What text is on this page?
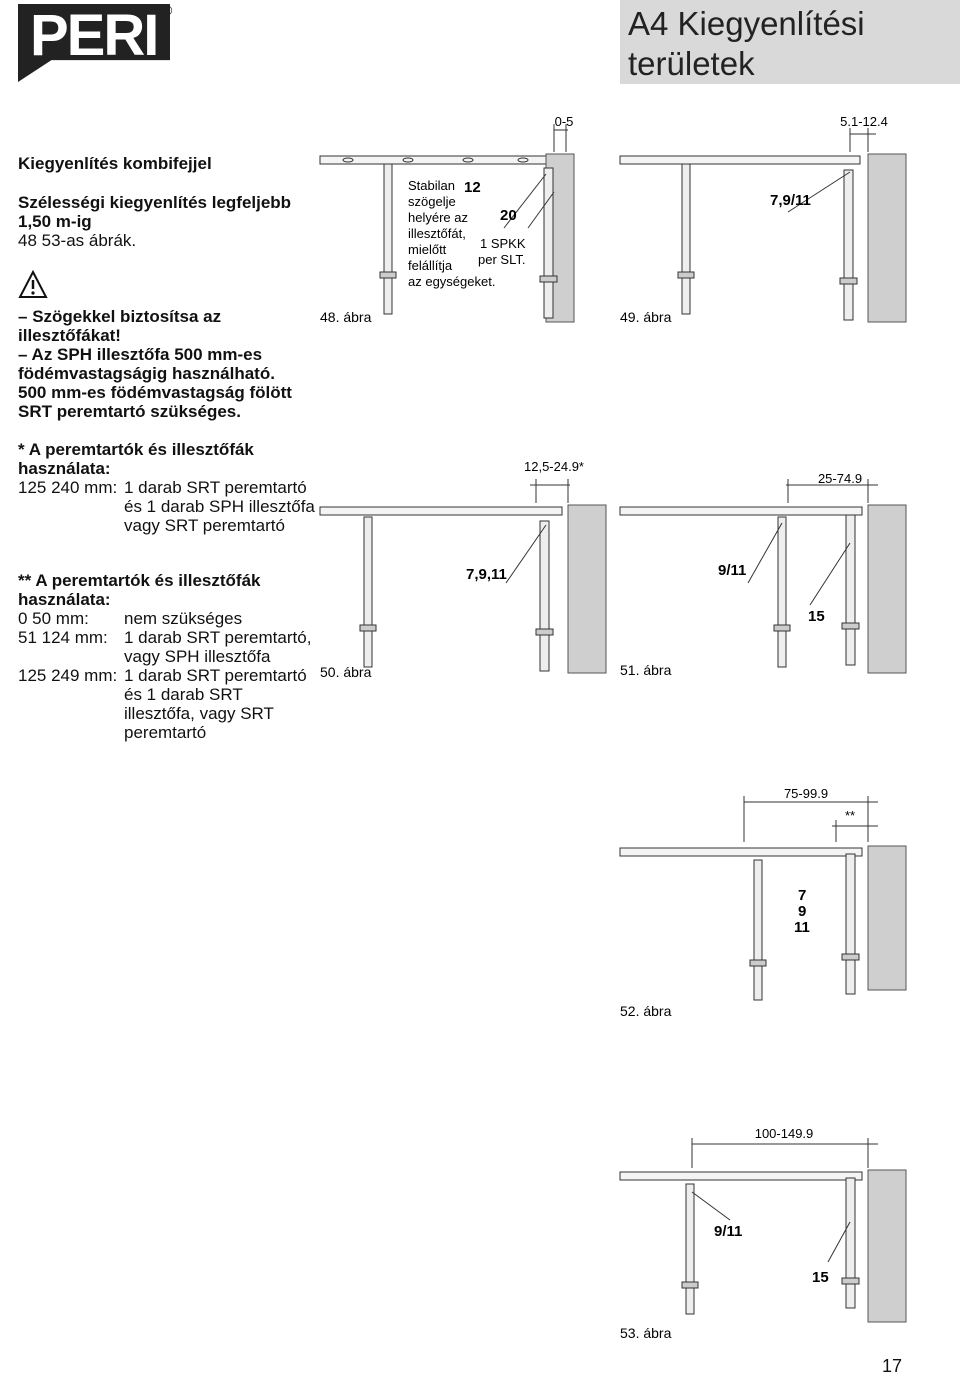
PERI ®	A4 Kiegyenlítési
területek
Kiegyenlítés kombifejjel
Szélességi kiegyenlítés legfeljebb
1,50 m-ig
48 53-as ábrák.
– Szögekkel biztosítsa az illesztőfákat!
– Az SPH illesztőfa 500 mm-es
födémvastagságig használható.
500 mm-es födémvastagság fölött
SRT peremtartó szükséges.
* A peremtartók és illesztőfák
használata:
125 240 mm: 1 darab SRT peremtartó
és 1 darab SPH illesztőfa
vagy SRT peremtartó
** A peremtartók és illesztőfák
használata:
0 50 mm: nem szükséges
51 124 mm: 1 darab SRT peremtartó,
vagy SPH illesztőfa
125 249 mm: 1 darab SRT peremtartó
és 1 darab SRT
illesztőfa, vagy SRT
peremtartó
0-5
Stabilan
szögelje
helyére az
illesztőfát,
mielőtt
felállítja
az egységeket.
12
20
1 SPKK
per SLT.
48. ábra
5.1-12.4
7,9/11
49. ábra
12,5-24.9*
7,9,11
50. ábra
25-74.9
9/11
15
51. ábra
75-99.9
**
7
9
11
52. ábra
100-149.9
9/11
15
53. ábra
17
